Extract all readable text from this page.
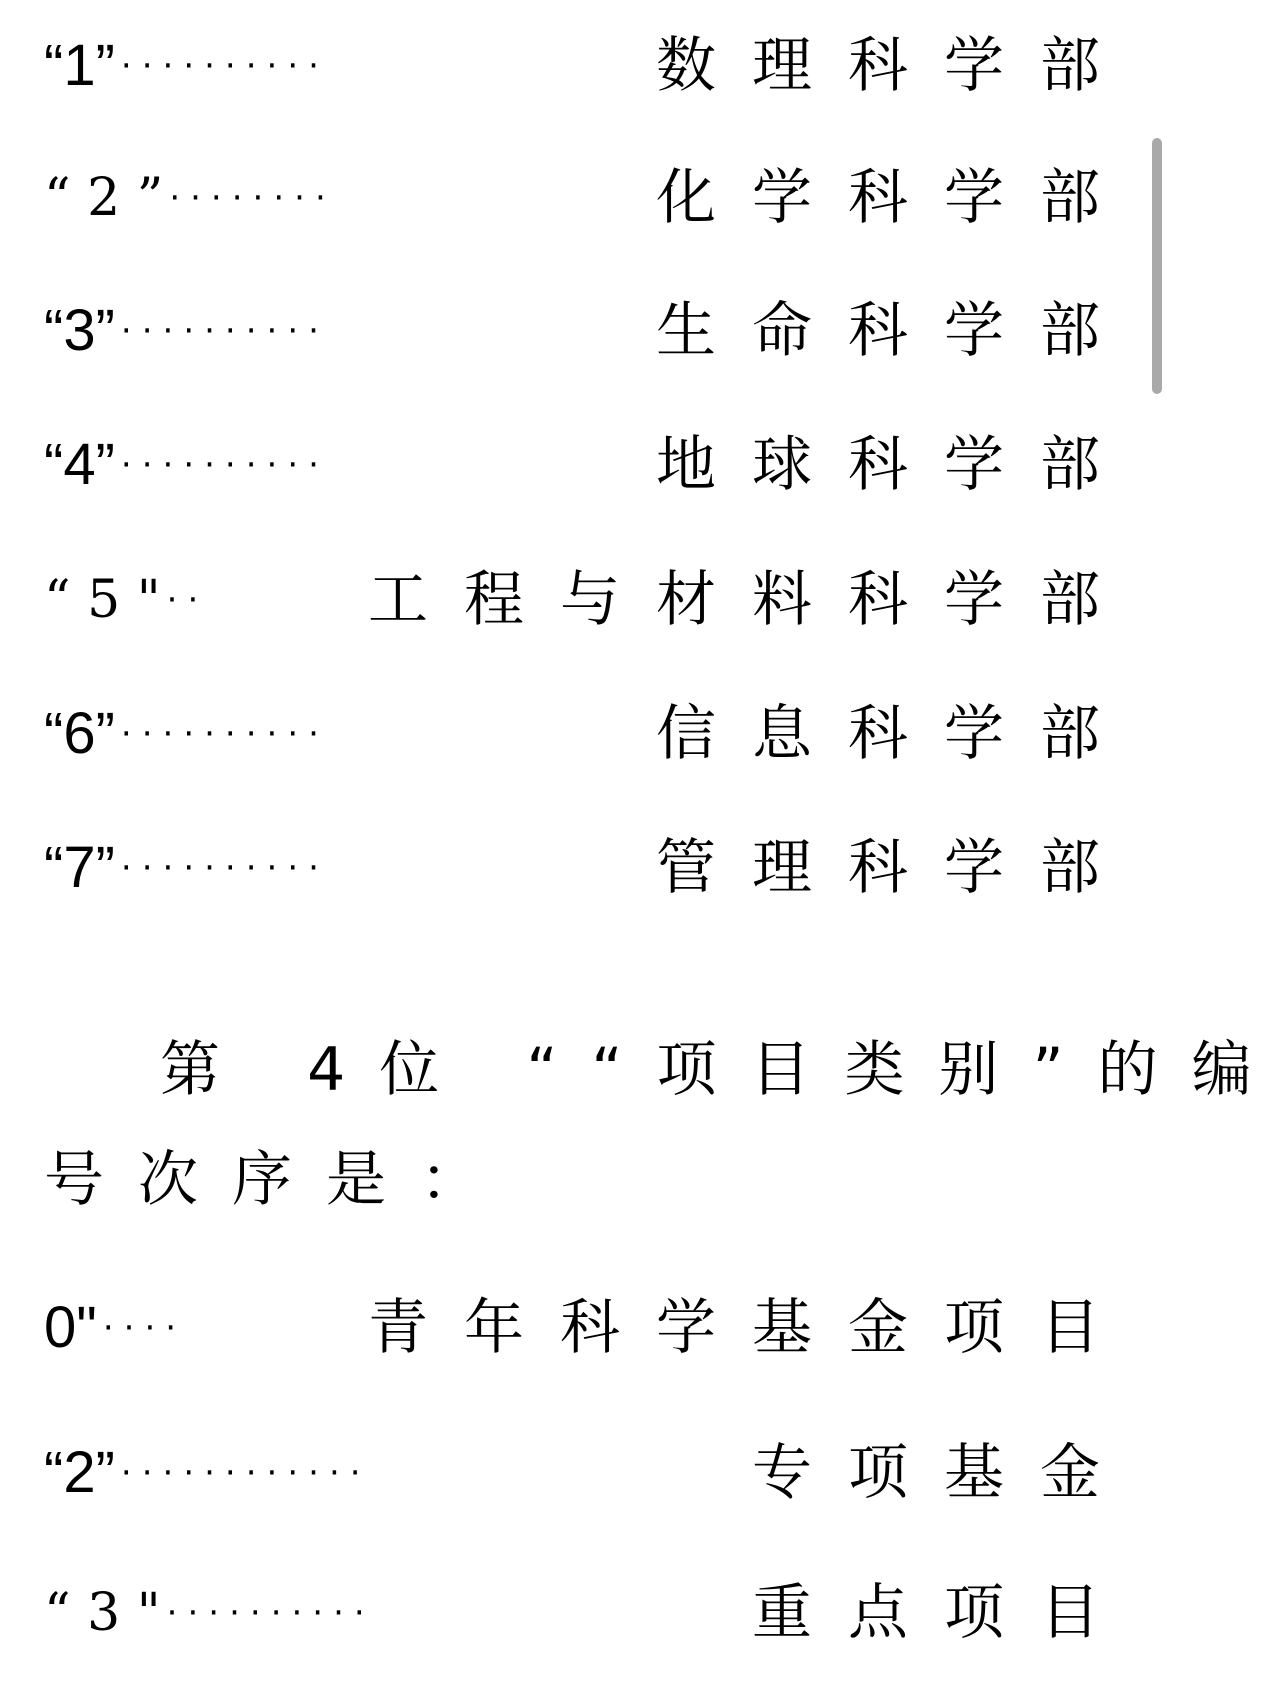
“1” ··········	数理科学部
“ 2 ” ········	化学科学部
“3” ··········	生命科学部
“4” ··········	地球科学部
“ 5 " ··	工程与材料科学部
“6” ··········	信息科学部
“7” ··········	管理科学部
第 4位 ““项目类别”的编
号次序是：
0" ····	青年科学基金项目
“2” ············	专项基金
“ 3 " ··········	重点项目
